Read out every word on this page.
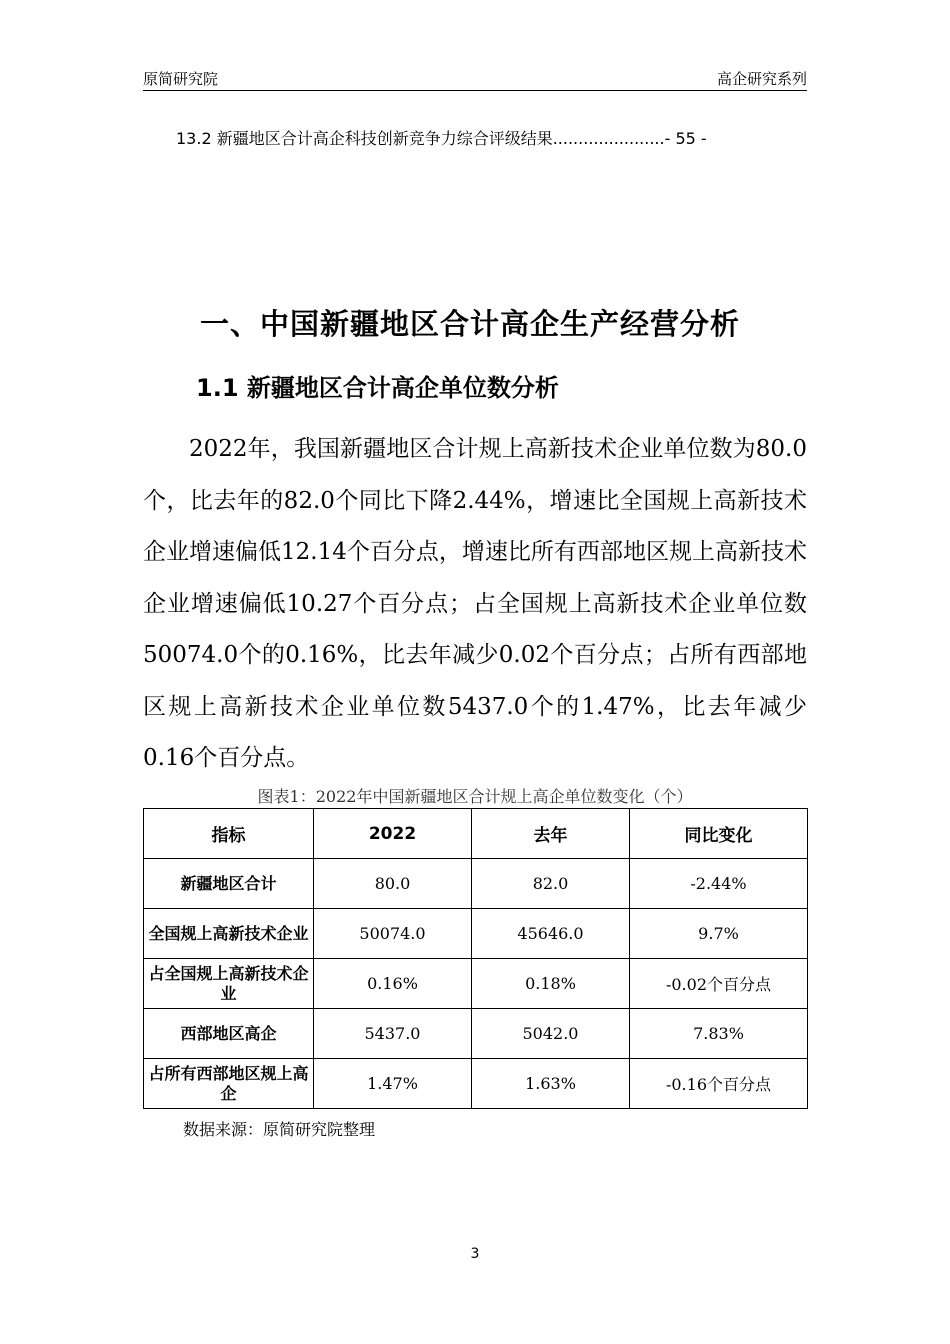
原简研究院	高企研究系列
13.2 新疆地区合计高企科技创新竞争力综合评级结果......................- 55 -
一、中国新疆地区合计高企生产经营分析
1.1 新疆地区合计高企单位数分析

2022年，我国新疆地区合计规上高新技术企业单位数为80.0个，比去年的82.0个同比下降2.44%，增速比全国规上高新技术企业增速偏低12.14个百分点，增速比所有西部地区规上高新技术企业增速偏低10.27个百分点；占全国规上高新技术企业单位数50074.0个的0.16%，比去年减少0.02个百分点；占所有西部地区规上高新技术企业单位数5437.0个的1.47%，比去年减少0.16个百分点。

图表1：2022年中国新疆地区合计规上高企单位数变化（个）
指标	2022	去年	同比变化
新疆地区合计	80.0	82.0	-2.44%
全国规上高新技术企业	50074.0	45646.0	9.7%
占全国规上高新技术企业	0.16%	0.18%	-0.02个百分点
西部地区高企	5437.0	5042.0	7.83%
占所有西部地区规上高企	1.47%	1.63%	-0.16个百分点
数据来源：原简研究院整理
3
